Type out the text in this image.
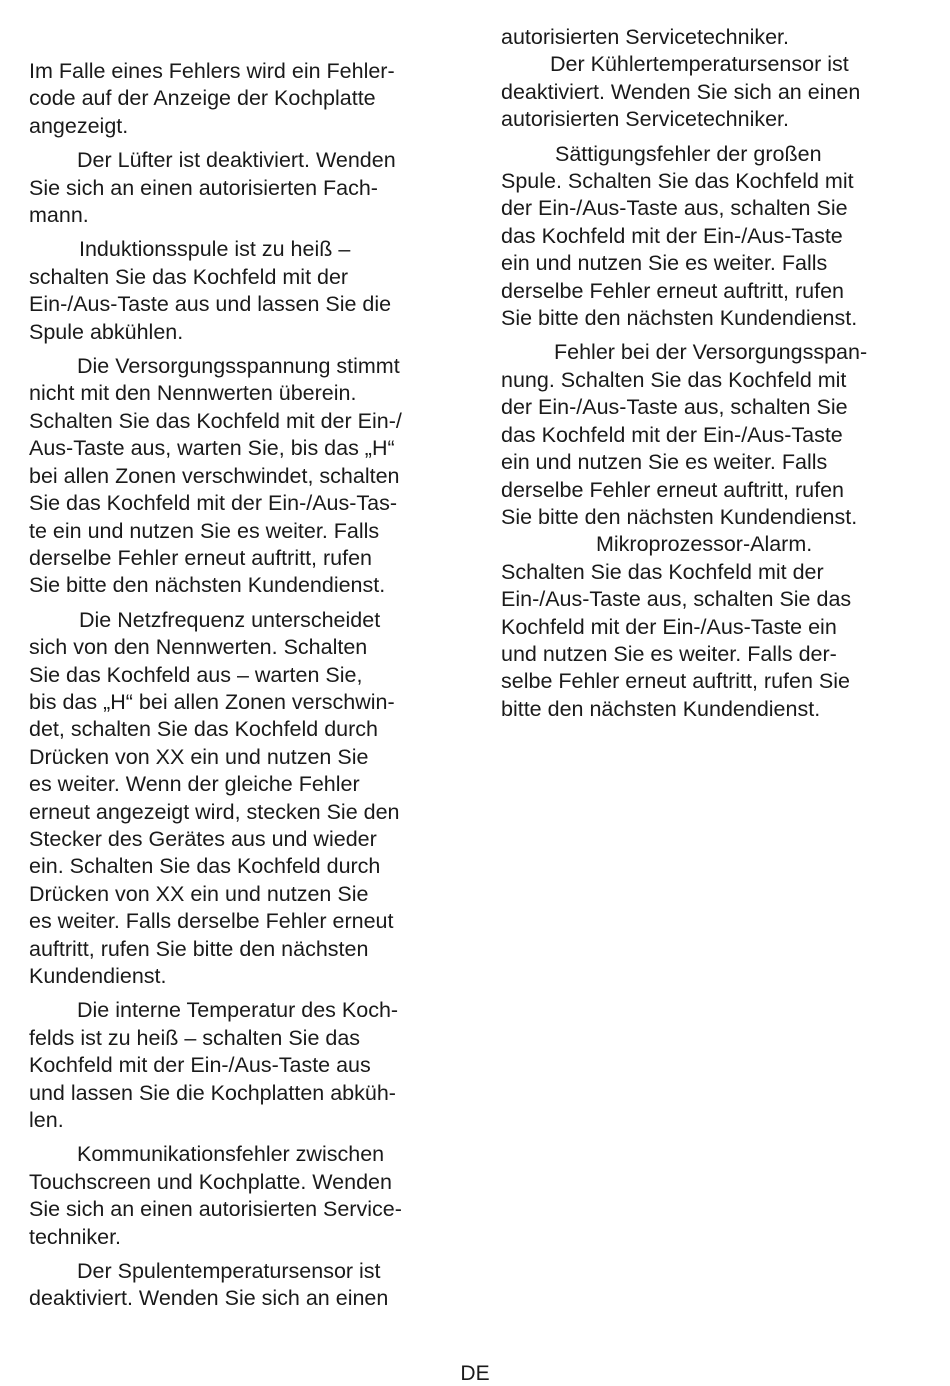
Im Falle eines Fehlers wird ein Fehler-
code auf der Anzeige der Kochplatte
angezeigt.
Der Lüfter ist deaktiviert. Wenden
Sie sich an einen autorisierten Fach-
mann.
Induktionsspule ist zu heiß –
schalten Sie das Kochfeld mit der
Ein-/Aus-Taste aus und lassen Sie die
Spule abkühlen.
Die Versorgungsspannung stimmt
nicht mit den Nennwerten überein.
Schalten Sie das Kochfeld mit der Ein-/
Aus-Taste aus, warten Sie, bis das „H“
bei allen Zonen verschwindet, schalten
Sie das Kochfeld mit der Ein-/Aus-Tas-
te ein und nutzen Sie es weiter. Falls
derselbe Fehler erneut auftritt, rufen
Sie bitte den nächsten Kundendienst.
Die Netzfrequenz unterscheidet
sich von den Nennwerten. Schalten
Sie das Kochfeld aus – warten Sie,
bis das „H“ bei allen Zonen verschwin-
det, schalten Sie das Kochfeld durch
Drücken von XX ein und nutzen Sie
es weiter. Wenn der gleiche Fehler
erneut angezeigt wird, stecken Sie den
Stecker des Gerätes aus und wieder
ein. Schalten Sie das Kochfeld durch
Drücken von XX ein und nutzen Sie
es weiter. Falls derselbe Fehler erneut
auftritt, rufen Sie bitte den nächsten
Kundendienst.
Die interne Temperatur des Koch-
felds ist zu heiß – schalten Sie das
Kochfeld mit der Ein-/Aus-Taste aus
und lassen Sie die Kochplatten abküh-
len.
Kommunikationsfehler zwischen
Touchscreen und Kochplatte. Wenden
Sie sich an einen autorisierten Service-
techniker.
Der Spulentemperatursensor ist
deaktiviert. Wenden Sie sich an einen
autorisierten Servicetechniker.
Der Kühlertemperatursensor ist
deaktiviert. Wenden Sie sich an einen
autorisierten Servicetechniker.
Sättigungsfehler der großen
Spule. Schalten Sie das Kochfeld mit
der Ein-/Aus-Taste aus, schalten Sie
das Kochfeld mit der Ein-/Aus-Taste
ein und nutzen Sie es weiter. Falls
derselbe Fehler erneut auftritt, rufen
Sie bitte den nächsten Kundendienst.
Fehler bei der Versorgungsspan-
nung. Schalten Sie das Kochfeld mit
der Ein-/Aus-Taste aus, schalten Sie
das Kochfeld mit der Ein-/Aus-Taste
ein und nutzen Sie es weiter. Falls
derselbe Fehler erneut auftritt, rufen
Sie bitte den nächsten Kundendienst.
Mikroprozessor-Alarm.
Schalten Sie das Kochfeld mit der
Ein-/Aus-Taste aus, schalten Sie das
Kochfeld mit der Ein-/Aus-Taste ein
und nutzen Sie es weiter. Falls der-
selbe Fehler erneut auftritt, rufen Sie
bitte den nächsten Kundendienst.
DE
